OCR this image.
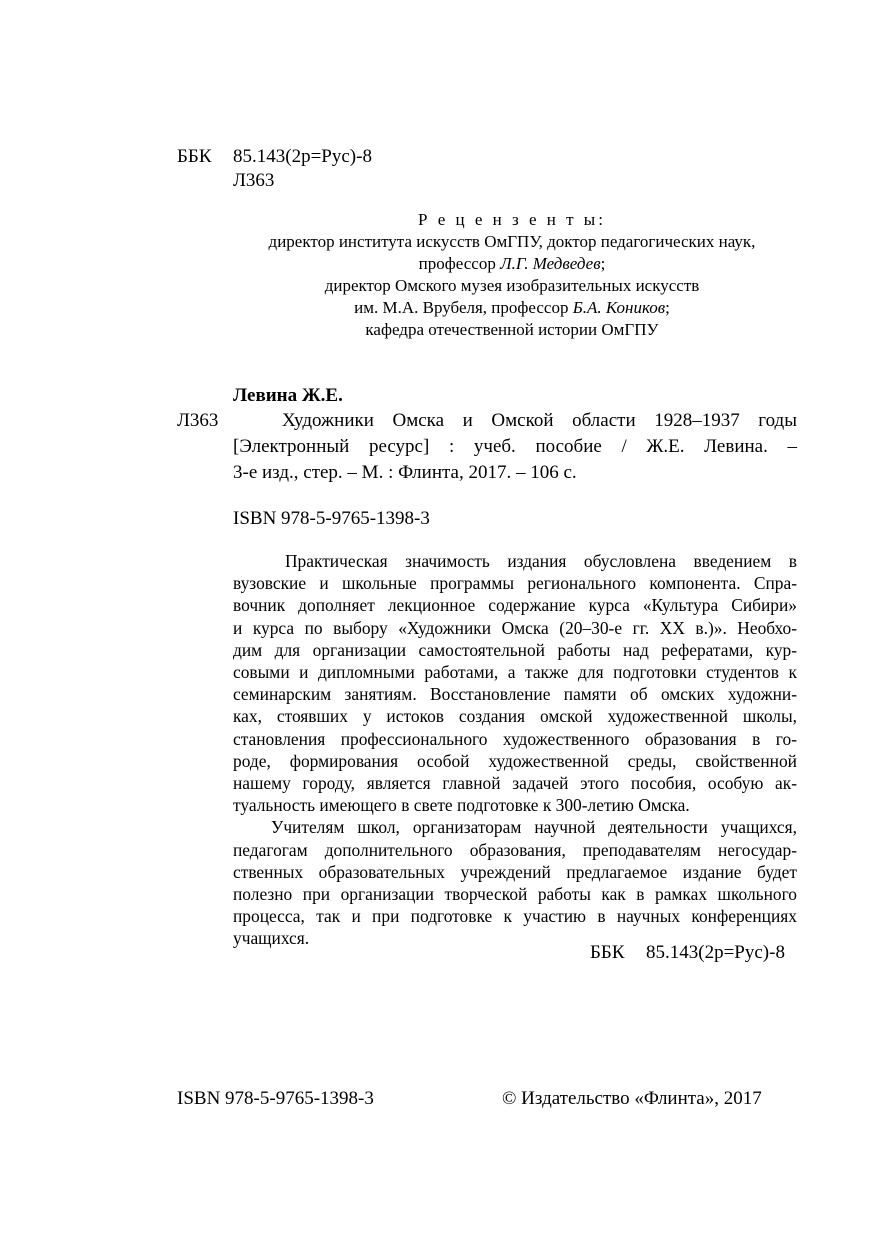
ББК 85.143(2р=Рус)-8
Л363
Р е ц е н з е н т ы:
директор института искусств ОмГПУ, доктор педагогических наук,
профессор Л.Г. Медведев;
директор Омского музея изобразительных искусств
им. М.А. Врубеля, профессор Б.А. Коников;
кафедра отечественной истории ОмГПУ
Левина Ж.Е.
Л363	Художники Омска и Омской области 1928–1937 годы
[Электронный ресурс] : учеб. пособие / Ж.Е. Левина. –
3-е изд., стер. – М. : Флинта, 2017. – 106 с.
ISBN 978-5-9765-1398-3
Практическая значимость издания обусловлена введением в
вузовские и школьные программы регионального компонента. Спра-
вочник дополняет лекционное содержание курса «Культура Сибири»
и курса по выбору «Художники Омска (20–30-е гг. XX в.)». Необхо-
дим для организации самостоятельной работы над рефератами, кур-
совыми и дипломными работами, а также для подготовки студентов к
семинарским занятиям. Восстановление памяти об омских художни-
ках, стоявших у истоков создания омской художественной школы,
становления профессионального художественного образования в го-
роде, формирования особой художественной среды, свойственной
нашему городу, является главной задачей этого пособия, особую ак-
туальность имеющего в свете подготовке к 300-летию Омска.
Учителям школ, организаторам научной деятельности учащихся,
педагогам дополнительного образования, преподавателям негосудар-
ственных образовательных учреждений предлагаемое издание будет
полезно при организации творческой работы как в рамках школьного
процесса, так и при подготовке к участию в научных конференциях
учащихся.
ББК 85.143(2р=Рус)-8
ISBN 978-5-9765-1398-3	© Издательство «Флинта», 2017
